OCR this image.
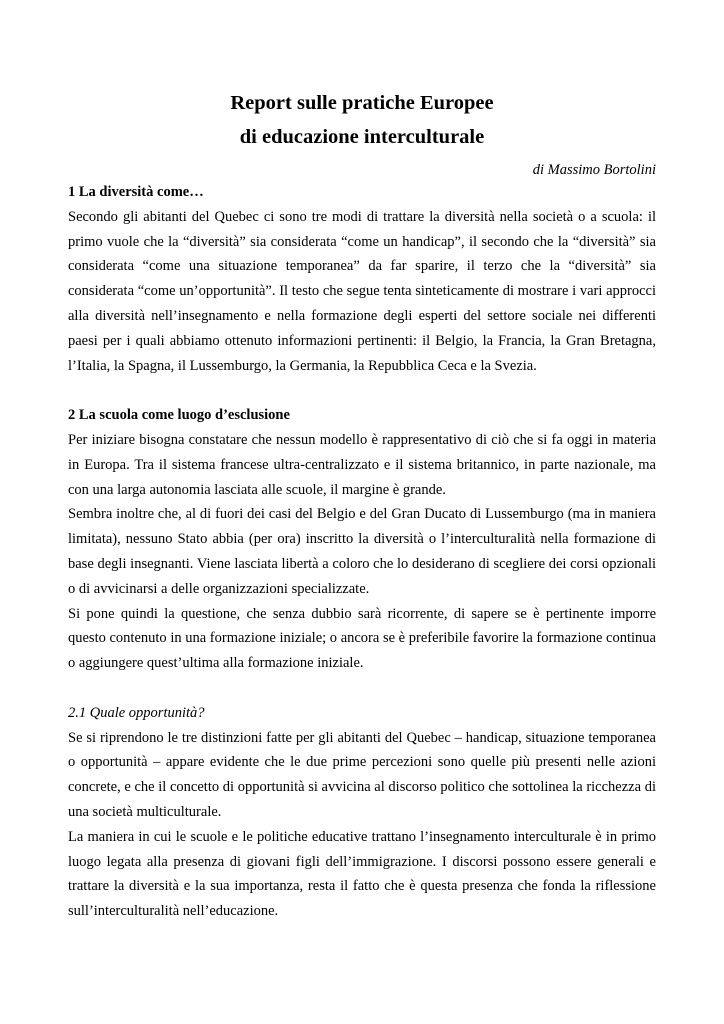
Report sulle pratiche Europee
di educazione interculturale

di Massimo Bortolini

1 La diversità come…

Secondo gli abitanti del Quebec ci sono tre modi di trattare la diversità nella società o a scuola: il primo vuole che la “diversità” sia considerata “come un handicap”, il secondo che la “diversità” sia considerata “come una situazione temporanea” da far sparire, il terzo che la “diversità” sia considerata “come un’opportunità”. Il testo che segue tenta sinteticamente di mostrare i vari approcci alla diversità nell’insegnamento e nella formazione degli esperti del settore sociale nei differenti paesi per i quali abbiamo ottenuto informazioni pertinenti: il Belgio, la Francia, la Gran Bretagna, l’Italia, la Spagna, il Lussemburgo, la Germania, la Repubblica Ceca e la Svezia.

2 La scuola come luogo d’esclusione

Per iniziare bisogna constatare che nessun modello è rappresentativo di ciò che si fa oggi in materia in Europa. Tra il sistema francese ultra-centralizzato e il sistema britannico, in parte nazionale, ma con una larga autonomia lasciata alle scuole, il margine è grande.

Sembra inoltre che, al di fuori dei casi del Belgio e del Gran Ducato di Lussemburgo (ma in maniera limitata), nessuno Stato abbia (per ora) inscritto la diversità o l’interculturalità nella formazione di base degli insegnanti. Viene lasciata libertà a coloro che lo desiderano di scegliere dei corsi opzionali o di avvicinarsi a delle organizzazioni specializzate.

Si pone quindi la questione, che senza dubbio sarà ricorrente, di sapere se è pertinente imporre questo contenuto in una formazione iniziale; o ancora se è preferibile favorire la formazione continua o aggiungere quest’ultima alla formazione iniziale.

2.1 Quale opportunità?

Se si riprendono le tre distinzioni fatte per gli abitanti del Quebec – handicap, situazione temporanea o opportunità – appare evidente che le due prime percezioni sono quelle più presenti nelle azioni concrete, e che il concetto di opportunità si avvicina al discorso politico che sottolinea la ricchezza di una società multiculturale.

La maniera in cui le scuole e le politiche educative trattano l’insegnamento interculturale è in primo luogo legata alla presenza di giovani figli dell’immigrazione. I discorsi possono essere generali e trattare la diversità e la sua importanza, resta il fatto che è questa presenza che fonda la riflessione sull’interculturalità nell’educazione.
